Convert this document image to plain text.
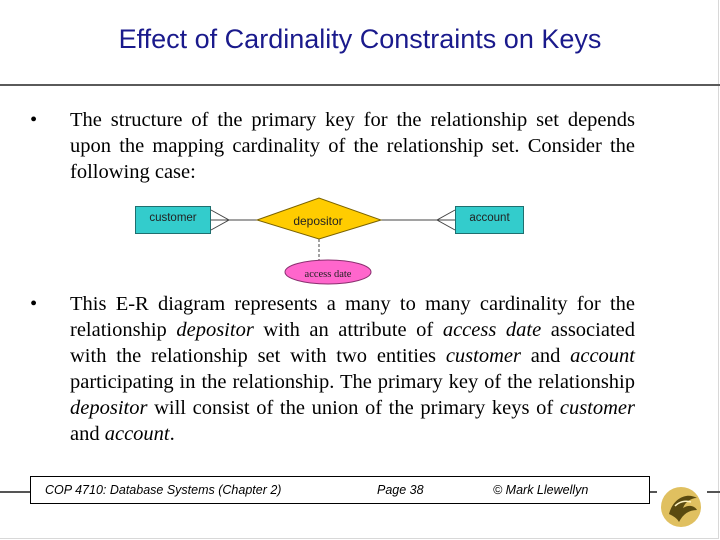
Effect of Cardinality Constraints on Keys
• The structure of the primary key for the relationship set depends upon the mapping cardinality of the relationship set. Consider the following case:
customer	depositor	account
access date
• This E-R diagram represents a many to many cardinality for the relationship depositor with an attribute of access date associated with the relationship set with two entities customer and account participating in the relationship. The primary key of the relationship depositor will consist of the union of the primary keys of customer and account.
COP 4710: Database Systems (Chapter 2)	Page 38	© Mark Llewellyn
